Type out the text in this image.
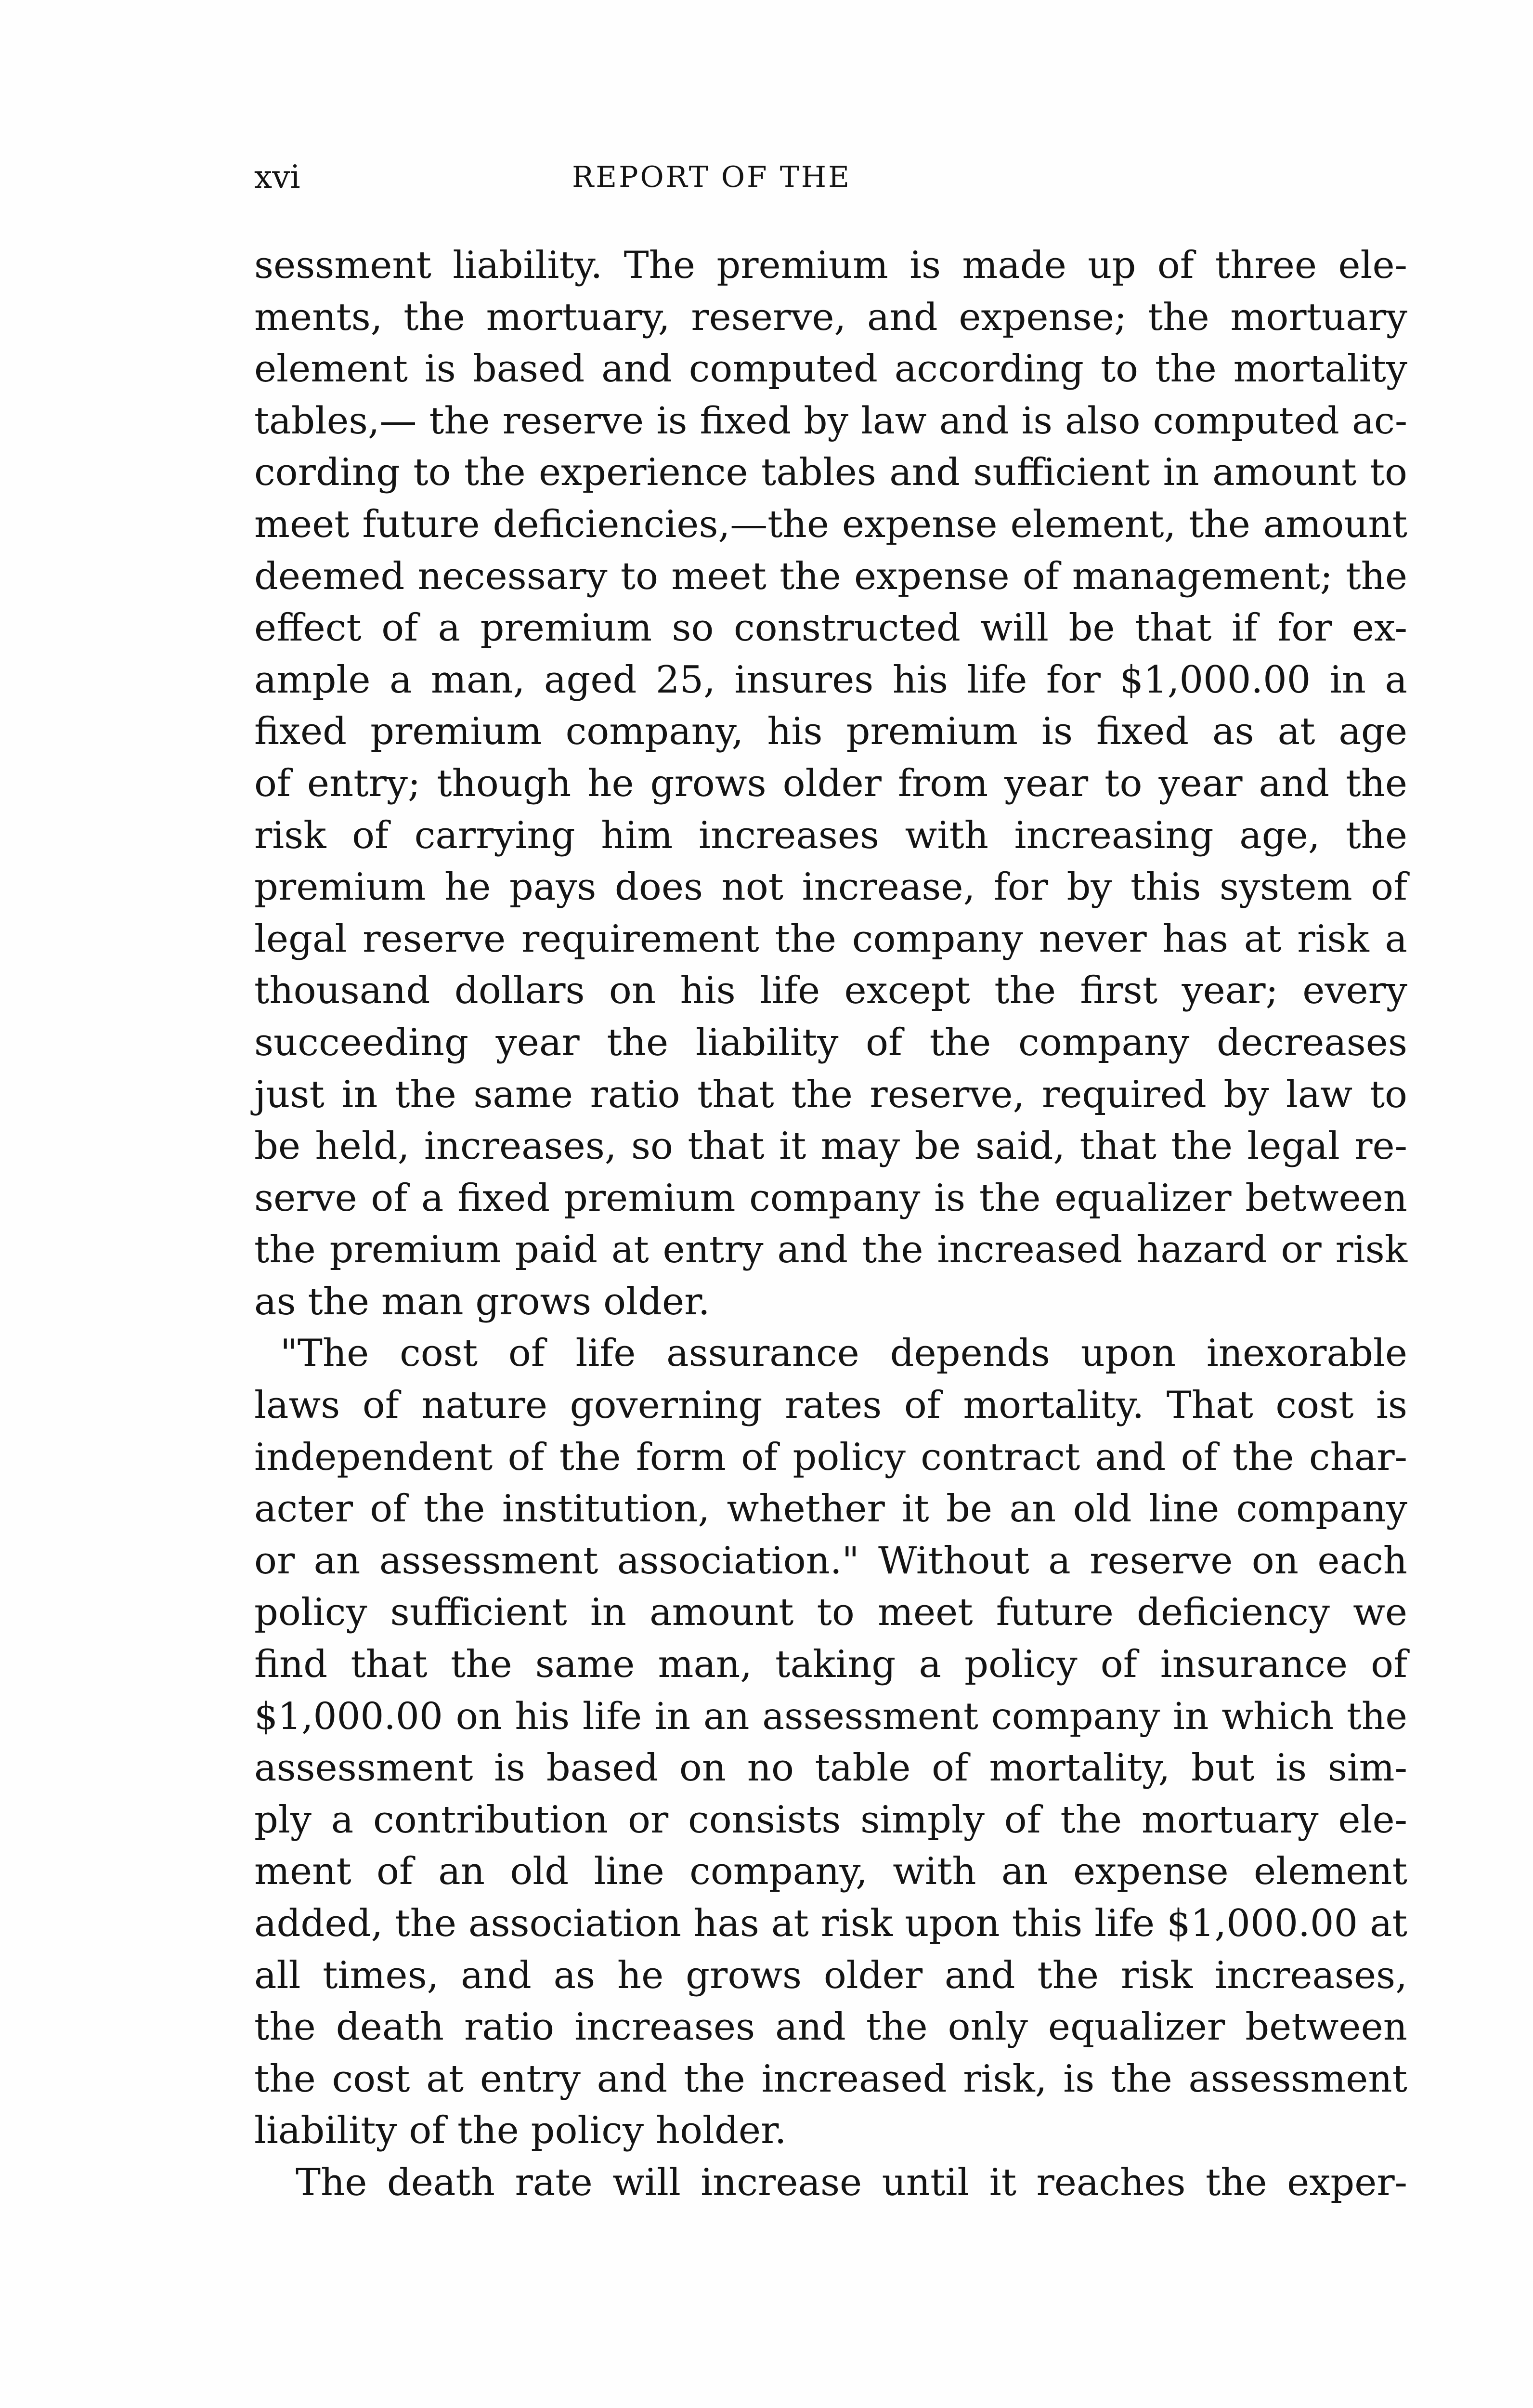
xvi	REPORT OF THE
sessment liability. The premium is made up of three ele-
ments, the mortuary, reserve, and expense; the mortuary
element is based and computed according to the mortality
tables,— the reserve is fixed by law and is also computed ac-
cording to the experience tables and sufficient in amount to
meet future deficiencies,—the expense element, the amount
deemed necessary to meet the expense of management; the
effect of a premium so constructed will be that if for ex-
ample a man, aged 25, insures his life for $1,000.00 in a
fixed premium company, his premium is fixed as at age
of entry; though he grows older from year to year and the
risk of carrying him increases with increasing age, the
premium he pays does not increase, for by this system of
legal reserve requirement the company never has at risk a
thousand dollars on his life except the first year; every
succeeding year the liability of the company decreases
just in the same ratio that the reserve, required by law to
be held, increases, so that it may be said, that the legal re-
serve of a fixed premium company is the equalizer between
the premium paid at entry and the increased hazard or risk
as the man grows older.
"The cost of life assurance depends upon inexorable
laws of nature governing rates of mortality. That cost is
independent of the form of policy contract and of the char-
acter of the institution, whether it be an old line company
or an assessment association." Without a reserve on each
policy sufficient in amount to meet future deficiency we
find that the same man, taking a policy of insurance of
$1,000.00 on his life in an assessment company in which the
assessment is based on no table of mortality, but is sim-
ply a contribution or consists simply of the mortuary ele-
ment of an old line company, with an expense element
added, the association has at risk upon this life $1,000.00 at
all times, and as he grows older and the risk increases,
the death ratio increases and the only equalizer between
the cost at entry and the increased risk, is the assessment
liability of the policy holder.
The death rate will increase until it reaches the exper-
